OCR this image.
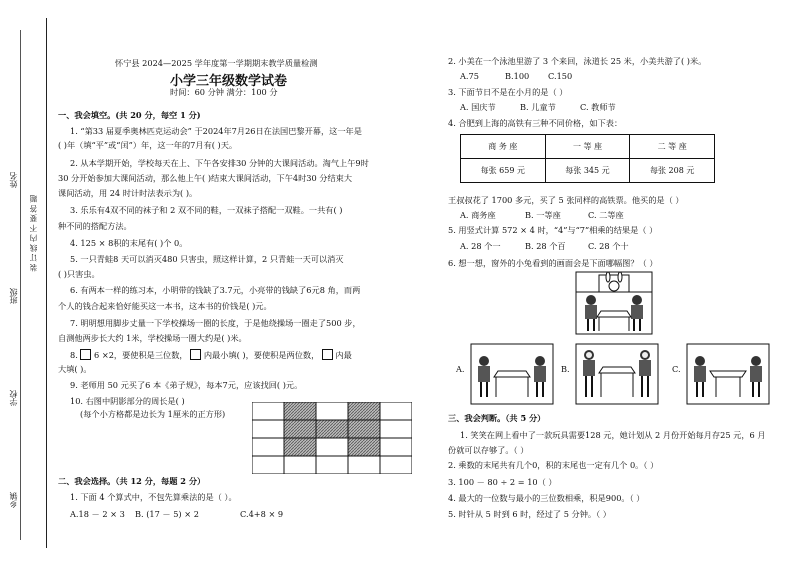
姓名
班级
学校
乡镇
装 订 线 内 不 要 答 题
怀宁县 2024—2025 学年度第一学期期末教学质量检测
小学三年级数学试卷
时间：60 分钟 满分：100 分
一、我会填空。(共 20 分，每空 1 分)
1. “第33 届夏季奥林匹克运动会” 于2024年7月26日在法国巴黎开幕，这一年是
( )年（填“平”或“闰”）年，这一年的7月有( )天。
2. 从本学期开始，学校每天在上、下午各安排30 分钟的大课间活动。淘气上午9时
30 分开始参加大课间活动，那么他上午( )结束大课间活动，下午4时30 分结束大
课间活动，用 24 时计时法表示为( )。
3. 乐乐有4双不同的袜子和 2 双不同的鞋，一双袜子搭配一双鞋。一共有( )
种不同的搭配方法。
4. 125 × 8积的末尾有( )个 0。
5. 一只青蛙8 天可以消灭480 只害虫，照这样计算，2 只青蛙一天可以消灭
( )只害虫。
6. 有两本一样的练习本，小明带的钱缺了3.7元，小亮带的钱缺了6元8 角，而两
个人的钱合起来恰好能买这一本书，这本书的价钱是( )元。
7. 明明想用脚步丈量一下学校操场一圈的长度，于是他绕操场一圈走了500 步，
自测他两步长大约 1米，学校操场一圈大约是( )米。
8. 6 ×2，要使积是三位数， 内最小填( )，要使积是两位数， 内最
大填( )。
9. 老师用 50 元买了6 本《弟子规》，每本7元，应该找回( )元。
10. 右图中阴影部分的周长是( )
(每个小方格都是边长为 1厘米的正方形)
二、我会选择。（共 12 分，每题 2 分）
1. 下面 4 个算式中，不包先算乘法的是（ ）。
A.18 － 2 × 3 B. (17 － 5) × 2	C.4+8 × 9
2. 小美在一个泳池里游了 3 个来回，泳道长 25 米，小美共游了( )米。
A.75	B.100 C.150
3. 下面节日不是在小月的是（ ）
A. 国庆节	B. 儿童节	C. 教师节
4. 合肥到上海的高铁有三种不同价格，如下表：
商 务 座	一 等 座	二 等 座
每张 659 元	每张 345 元	每张 208 元
王叔叔花了 1700 多元，买了 5 张同样的高铁票。他买的是（ ）
A. 商务座	B. 一等座	C. 二等座
5. 用竖式计算 572 × 4 时，“4”与“7”相乘的结果是（ ）
A. 28 个一	B. 28 个百	C. 28 个十
6. 想一想，窗外的小兔看到的画面会是下面哪幅图？（ ）
A.	B.	C.
三、我会判断。（共 5 分）
1. 笑笑在网上看中了一款玩具需要128 元，她计划从 2 月份开始每月存25 元，6 月
份就可以存够了。（ ）
2. 乘数的末尾共有几个0，积的末尾也一定有几个 0。（ ）
3. 100 － 80 ÷ 2 = 10（ ）
4. 最大的一位数与最小的三位数相乘，积是900。（ ）
5. 时针从 5 时到 6 时，经过了 5 分钟。（ ）
